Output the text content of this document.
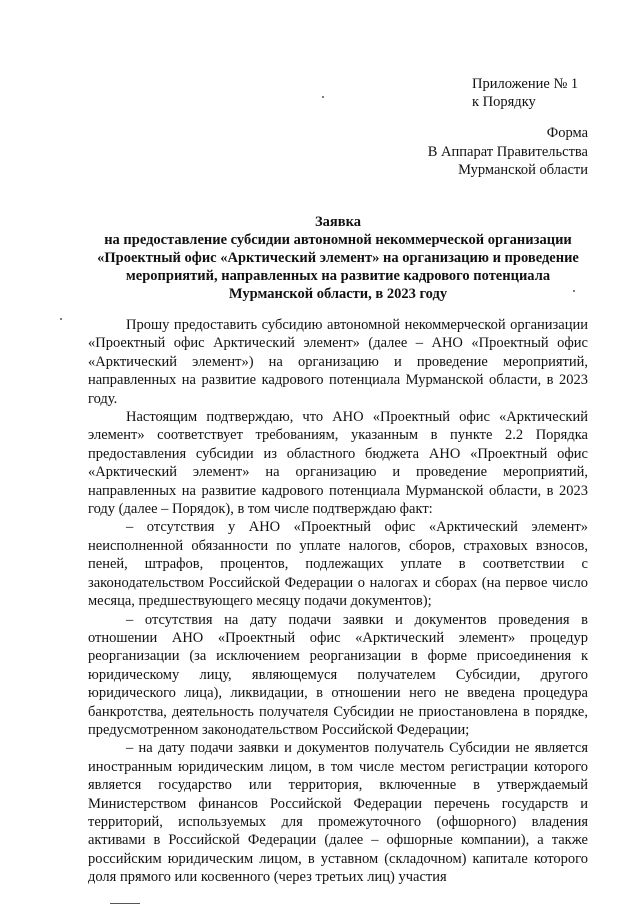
Приложение № 1
к Порядку
Форма
В Аппарат Правительства
Мурманской области
Заявка
на предоставление субсидии автономной некоммерческой организации
«Проектный офис «Арктический элемент» на организацию и проведение
мероприятий, направленных на развитие кадрового потенциала
Мурманской области, в 2023 году

Прошу предоставить субсидию автономной некоммерческой организации «Проектный офис Арктический элемент» (далее – АНО «Проектный офис «Арктический элемент») на организацию и проведение мероприятий, направленных на развитие кадрового потенциала Мурманской области, в 2023 году.

Настоящим подтверждаю, что АНО «Проектный офис «Арктический элемент» соответствует требованиям, указанным в пункте 2.2 Порядка предоставления субсидии из областного бюджета АНО «Проектный офис «Арктический элемент» на организацию и проведение мероприятий, направленных на развитие кадрового потенциала Мурманской области, в 2023 году (далее – Порядок), в том числе подтверждаю факт:

– отсутствия у АНО «Проектный офис «Арктический элемент» неисполненной обязанности по уплате налогов, сборов, страховых взносов, пеней, штрафов, процентов, подлежащих уплате в соответствии с законодательством Российской Федерации о налогах и сборах (на первое число месяца, предшествующего месяцу подачи документов);

– отсутствия на дату подачи заявки и документов проведения в отношении АНО «Проектный офис «Арктический элемент» процедур реорганизации (за исключением реорганизации в форме присоединения к юридическому лицу, являющемуся получателем Субсидии, другого юридического лица), ликвидации, в отношении него не введена процедура банкротства, деятельность получателя Субсидии не приостановлена в порядке, предусмотренном законодательством Российской Федерации;

– на дату подачи заявки и документов получатель Субсидии не является иностранным юридическим лицом, в том числе местом регистрации которого является государство или территория, включенные в утверждаемый Министерством финансов Российской Федерации перечень государств и территорий, используемых для промежуточного (офшорного) владения активами в Российской Федерации (далее – офшорные компании), а также российским юридическим лицом, в уставном (складочном) капитале которого доля прямого или косвенного (через третьих лиц) участия
